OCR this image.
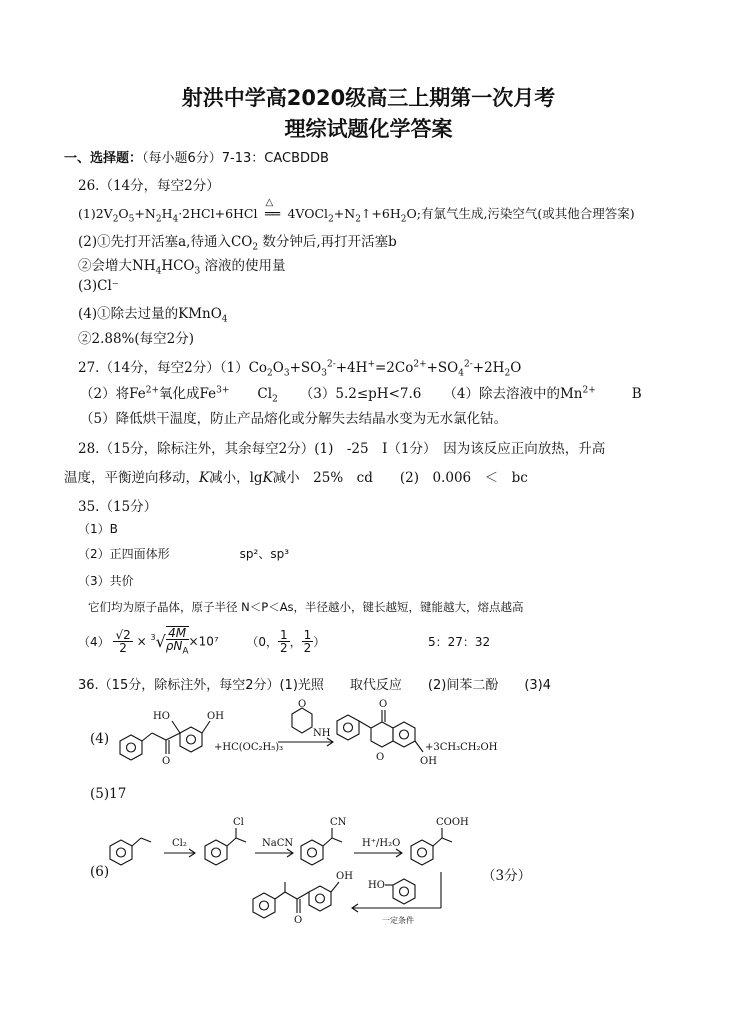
射洪中学高2020级高三上期第一次月考
理综试题化学答案
一、选择题：（每小题6分）7-13：CACBDDB
26.（14分，每空2分）
$(1)2V_2O_5+N_2H_4\cdot 2HCl+6HCl$
△
══ $4VOCl_2+N_2↑+6H_2O$;有氯气生成,污染空气(或其他合理答案)
(2)①先打开活塞a,待通入$CO_2$ 数分钟后,再打开活塞b
②会增大$NH_4HCO_3$ 溶液的使用量
(3)Cl⁻
(4)①除去过量的KMnO$_4$
②2.88%(每空2分)
27.（14分，每空2分）$(1)Co_2O_3+SO_3^{2-}+4H^+=2Co^{2+}+SO_4^{2-}+2H_2O$
（2）将$Fe^{2+}$氧化成$Fe^{3+}$ $Cl_2$ （3）5.2≤pH<7.6 （4）除去溶液中的$Mn^{2+}$	B
（5）降低烘干温度，防止产品熔化或分解失去结晶水变为无水氯化钴。
28.（15分，除标注外，其余每空2分）(1)　-25　I（1分）　因为该反应正向放热，升高
温度，平衡逆向移动，K减小，lgK减小　25%　cd　　(2)　0.006　＜　bc
35.（15分）
（1）B
（2）正四面体形	sp²、sp³
（3）共价
它们均为原子晶体，原子半径 N＜P＜As，半径越小，键长越短，键能越大，熔点越高
$(4) \frac{√2}{2} \times ^3√ \frac{4M}{\rho N_A} \times 10^7$ （0， $\frac{1}{2}$ ， $\frac{1}{2}$ ）	5：27：32
36.（15分，除标注外，每空2分）(1)光照　　取代反应　　(2)间苯二酚　　(3)4
(4)
O
HO	OH
+HC(OC₂H₅)₃
O
NH
O
O	OH
+3CH₃CH₂OH
(5)17
(6)
Cl₂
Cl
NaCN
CN
H⁺/H₂O
COOH
HO
一定条件
O
OH	（3分）
